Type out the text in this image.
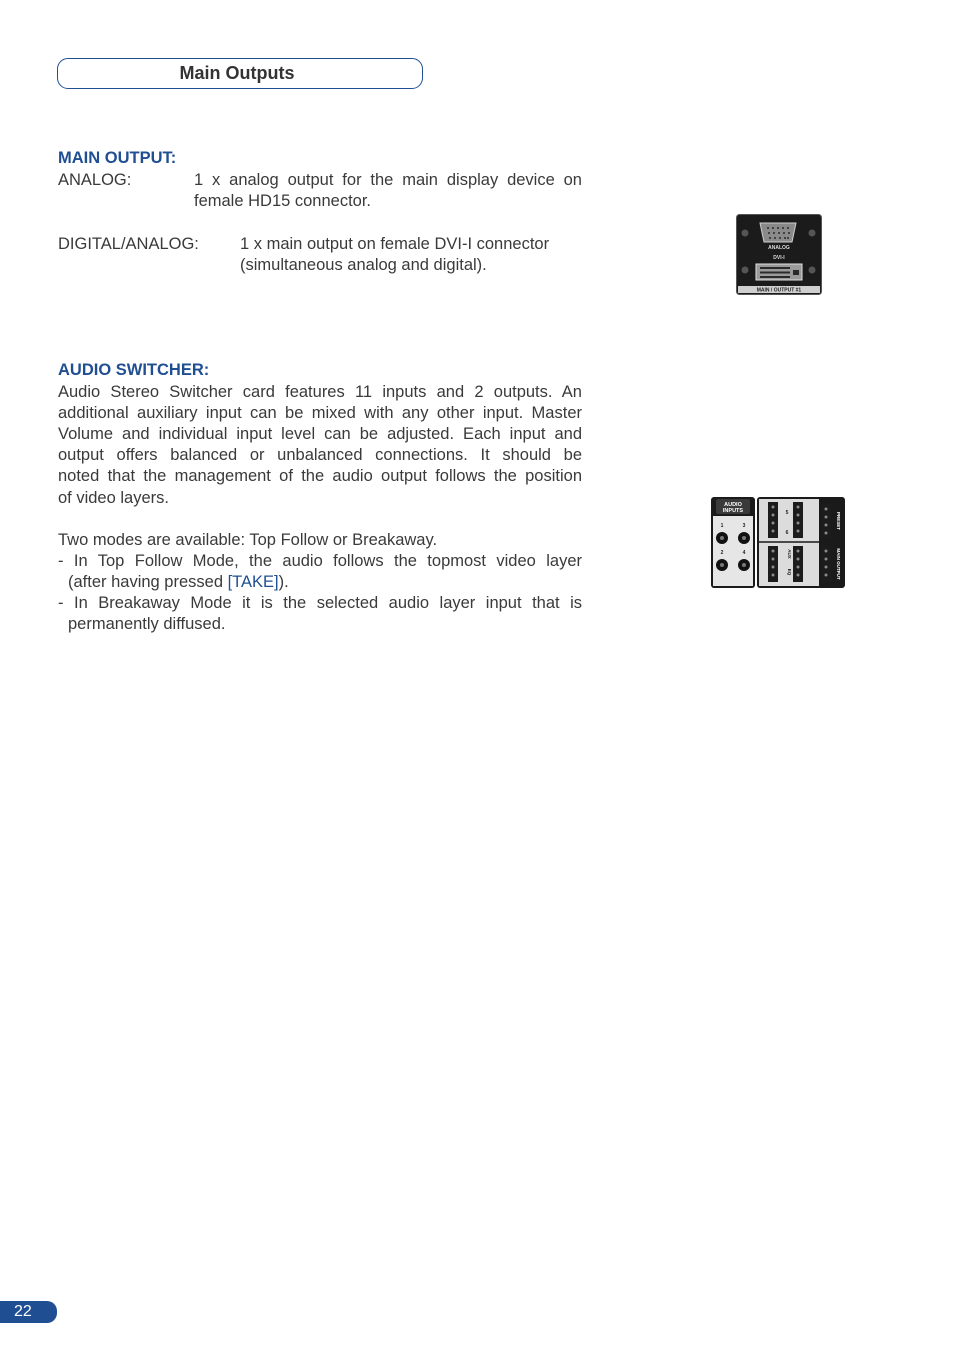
Main Outputs

MAIN OUTPUT:

ANALOG:	1 x analog output for the main display device on

female HD15 connector.

DIGITAL/ANALOG: 1 x main output on female DVI-I connector

(simultaneous analog and digital).

ANALOG
DVI-I
MAIN / OUTPUT #1

AUDIO SWITCHER:

Audio Stereo Switcher card features 11 inputs and 2 outputs. An

additional auxiliary input can be mixed with any other input. Master

Volume and individual input level can be adjusted. Each input and

output offers balanced or unbalanced connections. It should be

noted that the management of the audio output follows the position

of video layers.

Two modes are available: Top Follow or Breakaway.

- In Top Follow Mode, the audio follows the topmost video layer

(after having pressed [TAKE]).

- In Breakaway Mode it is the selected audio layer input that is

permanently diffused.

AUDIO
INPUTS
1	3
2	4
5
6
AUX
EQ
PRESET
MAIN OUTPUT
22
